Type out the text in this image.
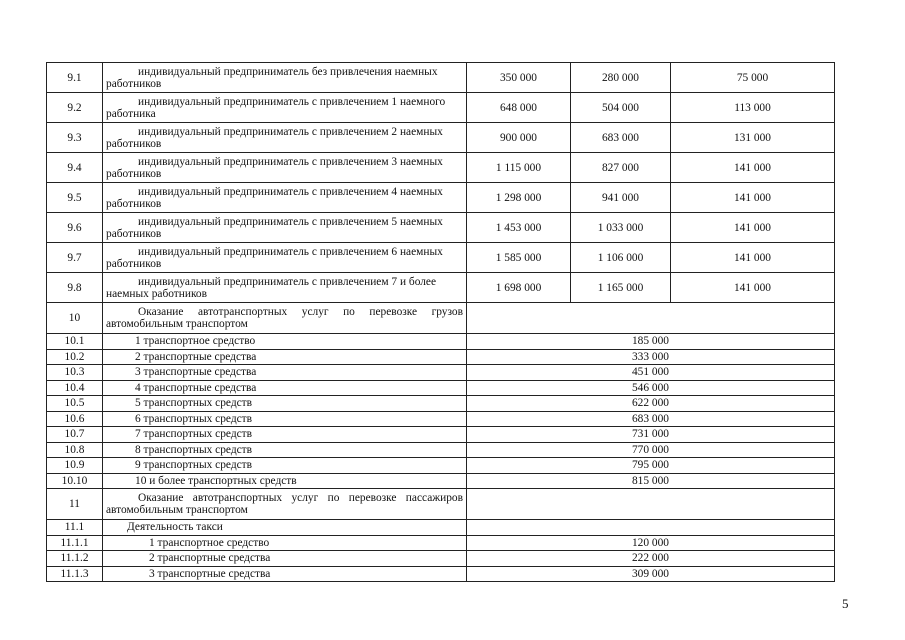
9.1	индивидуальный предприниматель без привлечения наемных работников	350 000	280 000	75 000
9.2	индивидуальный предприниматель с привлечением 1 наемного работника	648 000	504 000	113 000
9.3	индивидуальный предприниматель с привлечением 2 наемных работников	900 000	683 000	131 000
9.4	индивидуальный предприниматель с привлечением 3 наемных работников	1 115 000	827 000	141 000
9.5	индивидуальный предприниматель с привлечением 4 наемных работников	1 298 000	941 000	141 000
9.6	индивидуальный предприниматель с привлечением 5 наемных работников	1 453 000	1 033 000	141 000
9.7	индивидуальный предприниматель с привлечением 6 наемных работников	1 585 000	1 106 000	141 000
9.8	индивидуальный предприниматель с привлечением 7 и более наемных работников	1 698 000	1 165 000	141 000
10	Оказание автотранспортных услуг по перевозке грузов автомобильным транспортом			

10.1	1 транспортное средство	185 000		
10.2	2 транспортные средства	333 000		
10.3	3 транспортные средства	451 000		
10.4	4 транспортные средства	546 000		
10.5	5 транспортных средств	622 000		
10.6	6 транспортных средств	683 000		
10.7	7 транспортных средств	731 000		
10.8	8 транспортных средств	770 000		
10.9	9 транспортных средств	795 000		
10.10	10 и более транспортных средств	815 000		
11	Оказание автотранспортных услуг по перевозке пассажиров автомобильным транспортом			

11.1	Деятельность такси			
11.1.1	1 транспортное средство	120 000		
11.1.2	2 транспортные средства	222 000		
11.1.3	3 транспортные средства	309 000		
5
